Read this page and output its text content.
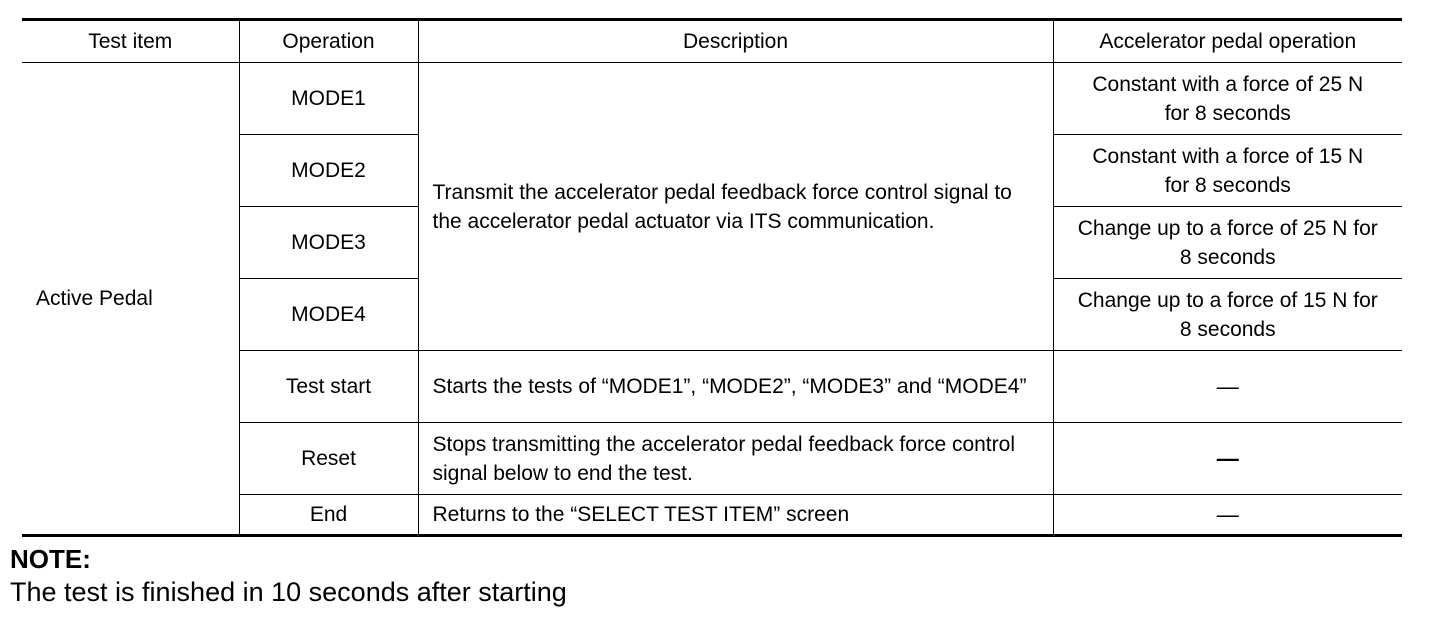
Test item	Operation	Description	Accelerator pedal operation
Active Pedal	MODE1	Transmit the accelerator pedal feedback force control signal to the accelerator pedal actuator via ITS communication.	Constant with a force of 25 N
for 8 seconds
	MODE2		Constant with a force of 15 N
for 8 seconds
	MODE3		Change up to a force of 25 N for
8 seconds
	MODE4		Change up to a force of 15 N for
8 seconds
	Test start	Starts the tests of “MODE1”, “MODE2”, “MODE3” and “MODE4”	—
	Reset	Stops transmitting the accelerator pedal feedback force control signal below to end the test.	—
	End	Returns to the “SELECT TEST ITEM” screen	—
NOTE:
The test is finished in 10 seconds after starting
